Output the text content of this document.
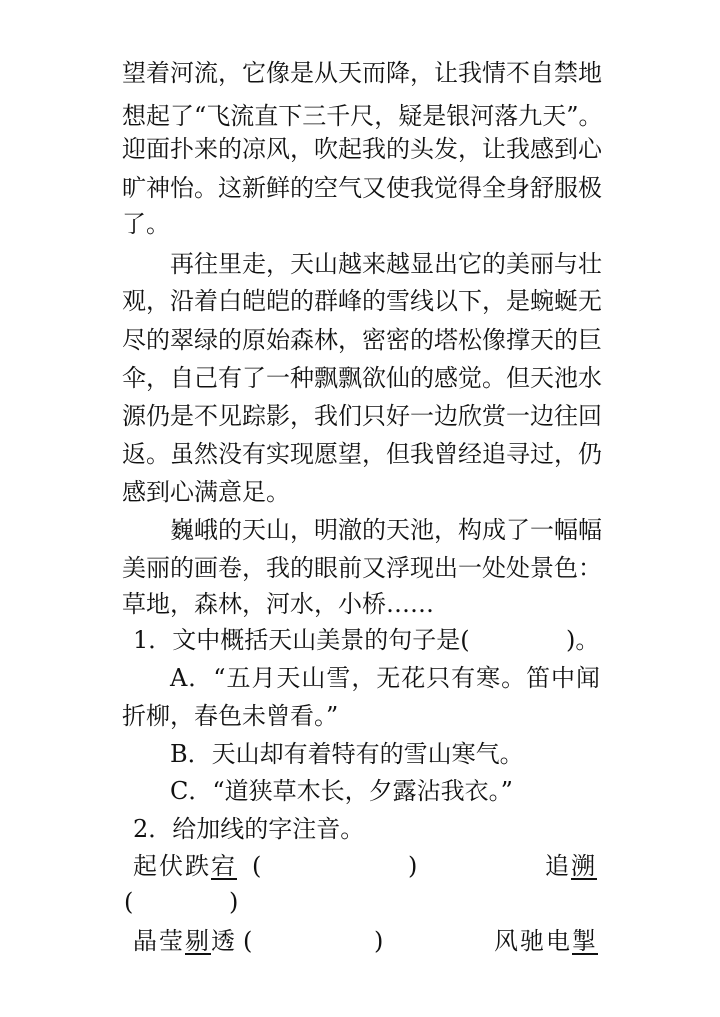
望着河流，它像是从天而降，让我情不自禁地
想起了“飞流直下三千尺，疑是银河落九天”。
迎面扑来的凉风，吹起我的头发，让我感到心
旷神怡。这新鲜的空气又使我觉得全身舒服极
了。
再往里走，天山越来越显出它的美丽与壮
观，沿着白皑皑的群峰的雪线以下，是蜿蜒无
尽的翠绿的原始森林，密密的塔松像撑天的巨
伞，自己有了一种飘飘欲仙的感觉。但天池水
源仍是不见踪影，我们只好一边欣赏一边往回
返。虽然没有实现愿望，但我曾经追寻过，仍
感到心满意足。
巍峨的天山，明澈的天池，构成了一幅幅
美丽的画卷，我的眼前又浮现出一处处景色：
草地，森林，河水，小桥……
1．文中概括天山美景的句子是(	)。
A．“五月天山雪，无花只有寒。笛中闻
折柳，春色未曾看。”
B．天山却有着特有的雪山寒气。
C．“道狭草木长，夕露沾我衣。”
2．给加线的字注音。
起伏跌宕 (	)	追溯
(	)
晶莹剔透 (	)	风驰电掣
